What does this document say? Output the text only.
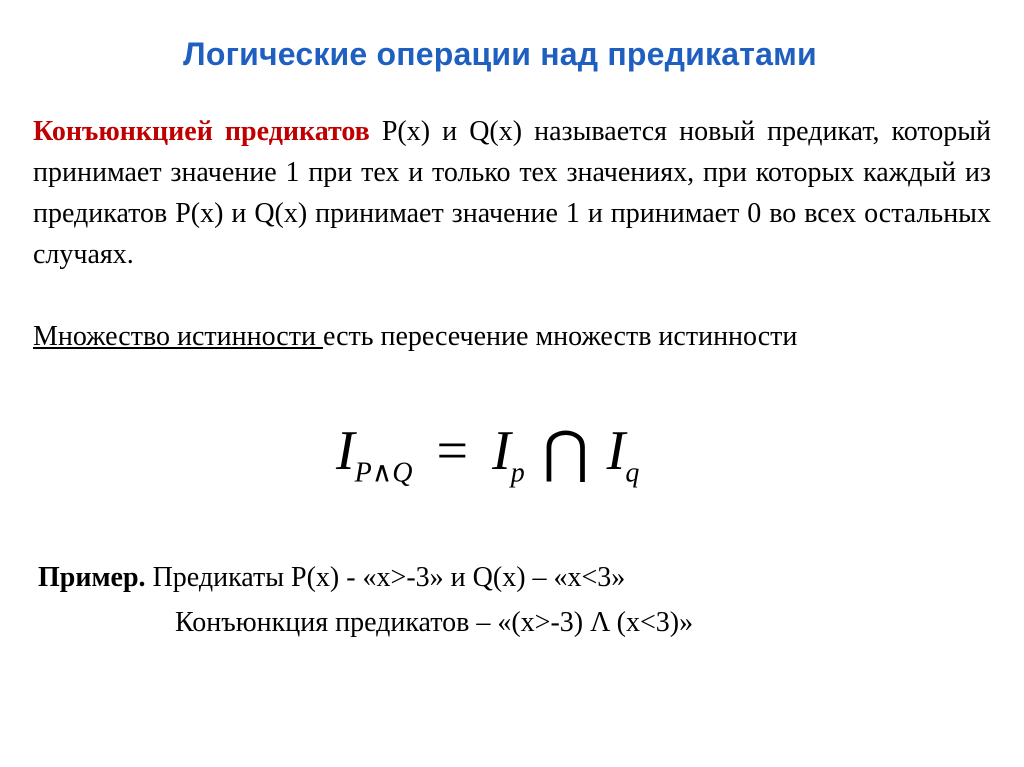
Логические операции над предикатами
Конъюнкцией предикатов P(x) и Q(x) называется новый предикат, который принимает значение 1 при тех и только тех значениях, при которых каждый из предикатов P(x) и Q(x) принимает значение 1 и принимает 0 во всех остальных случаях.
Множество истинности есть пересечение множеств истинности
$I_{P\wedge Q} = I_p$ ⋂ $I_q$
Пример. Предикаты P(x) - «x>-3» и Q(x) – «x<3»
Конъюнкция предикатов – «(x>-3) Λ (x<3)»
